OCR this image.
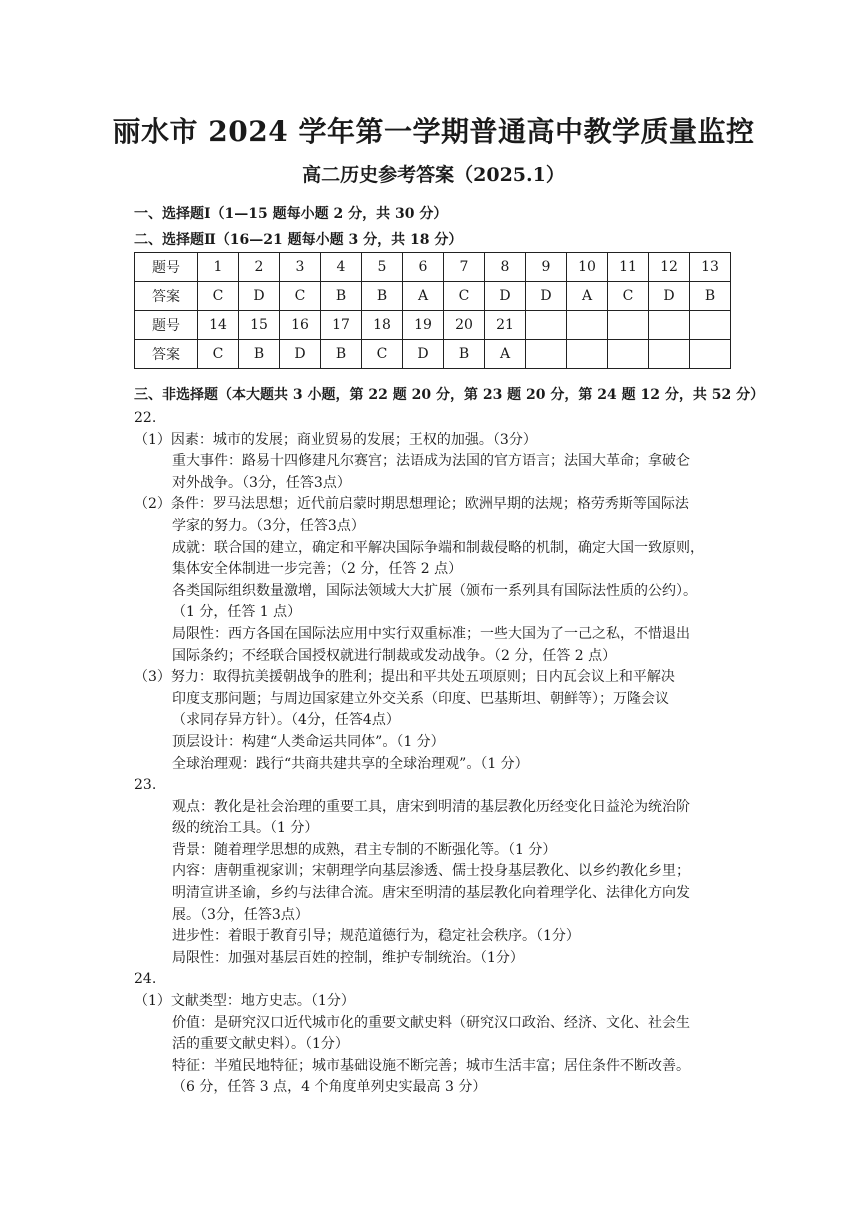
丽水市 2024 学年第一学期普通高中教学质量监控
高二历史参考答案（2025.1）
一、选择题Ⅰ（1—15 题每小题 2 分，共 30 分）
二、选择题Ⅱ（16—21 题每小题 3 分，共 18 分）
题号	1	2	3	4	5	6	7	8	9	10	11	12	13
答案	C	D	C	B	B	A	C	D	D	A	C	D	B
题号	14	15	16	17	18	19	20	21					
答案	C	B	D	B	C	D	B	A					
三、非选择题（本大题共 3 小题，第 22 题 20 分，第 23 题 20 分，第 24 题 12 分，共 52 分）

22.

（1）因素：城市的发展；商业贸易的发展；王权的加强。（3分）

重大事件：路易十四修建凡尔赛宫；法语成为法国的官方语言；法国大革命；拿破仑

对外战争。（3分，任答3点）

（2）条件：罗马法思想；近代前启蒙时期思想理论；欧洲早期的法规；格劳秀斯等国际法

学家的努力。（3分，任答3点）

成就：联合国的建立，确定和平解决国际争端和制裁侵略的机制，确定大国一致原则，

集体安全体制进一步完善；（2 分，任答 2 点）

各类国际组织数量激增，国际法领域大大扩展（颁布一系列具有国际法性质的公约）。

（1 分，任答 1 点）

局限性：西方各国在国际法应用中实行双重标准；一些大国为了一己之私，不惜退出

国际条约；不经联合国授权就进行制裁或发动战争。（2 分，任答 2 点）

（3）努力：取得抗美援朝战争的胜利；提出和平共处五项原则；日内瓦会议上和平解决

印度支那问题；与周边国家建立外交关系（印度、巴基斯坦、朝鲜等）；万隆会议

（求同存异方针）。（4分，任答4点）

顶层设计：构建“人类命运共同体”。（1 分）

全球治理观：践行“共商共建共享的全球治理观”。（1 分）

23.

观点：教化是社会治理的重要工具，唐宋到明清的基层教化历经变化日益沦为统治阶

级的统治工具。（1 分）

背景：随着理学思想的成熟，君主专制的不断强化等。（1 分）

内容：唐朝重视家训；宋朝理学向基层渗透、儒士投身基层教化、以乡约教化乡里；

明清宣讲圣谕，乡约与法律合流。唐宋至明清的基层教化向着理学化、法律化方向发

展。（3分，任答3点）

进步性：着眼于教育引导；规范道德行为，稳定社会秩序。（1分）

局限性：加强对基层百姓的控制，维护专制统治。（1分）

24.

（1）文献类型：地方史志。（1分）

价值：是研究汉口近代城市化的重要文献史料（研究汉口政治、经济、文化、社会生

活的重要文献史料）。（1分）

特征：半殖民地特征；城市基础设施不断完善；城市生活丰富；居住条件不断改善。

（6 分，任答 3 点，4 个角度单列史实最高 3 分）
